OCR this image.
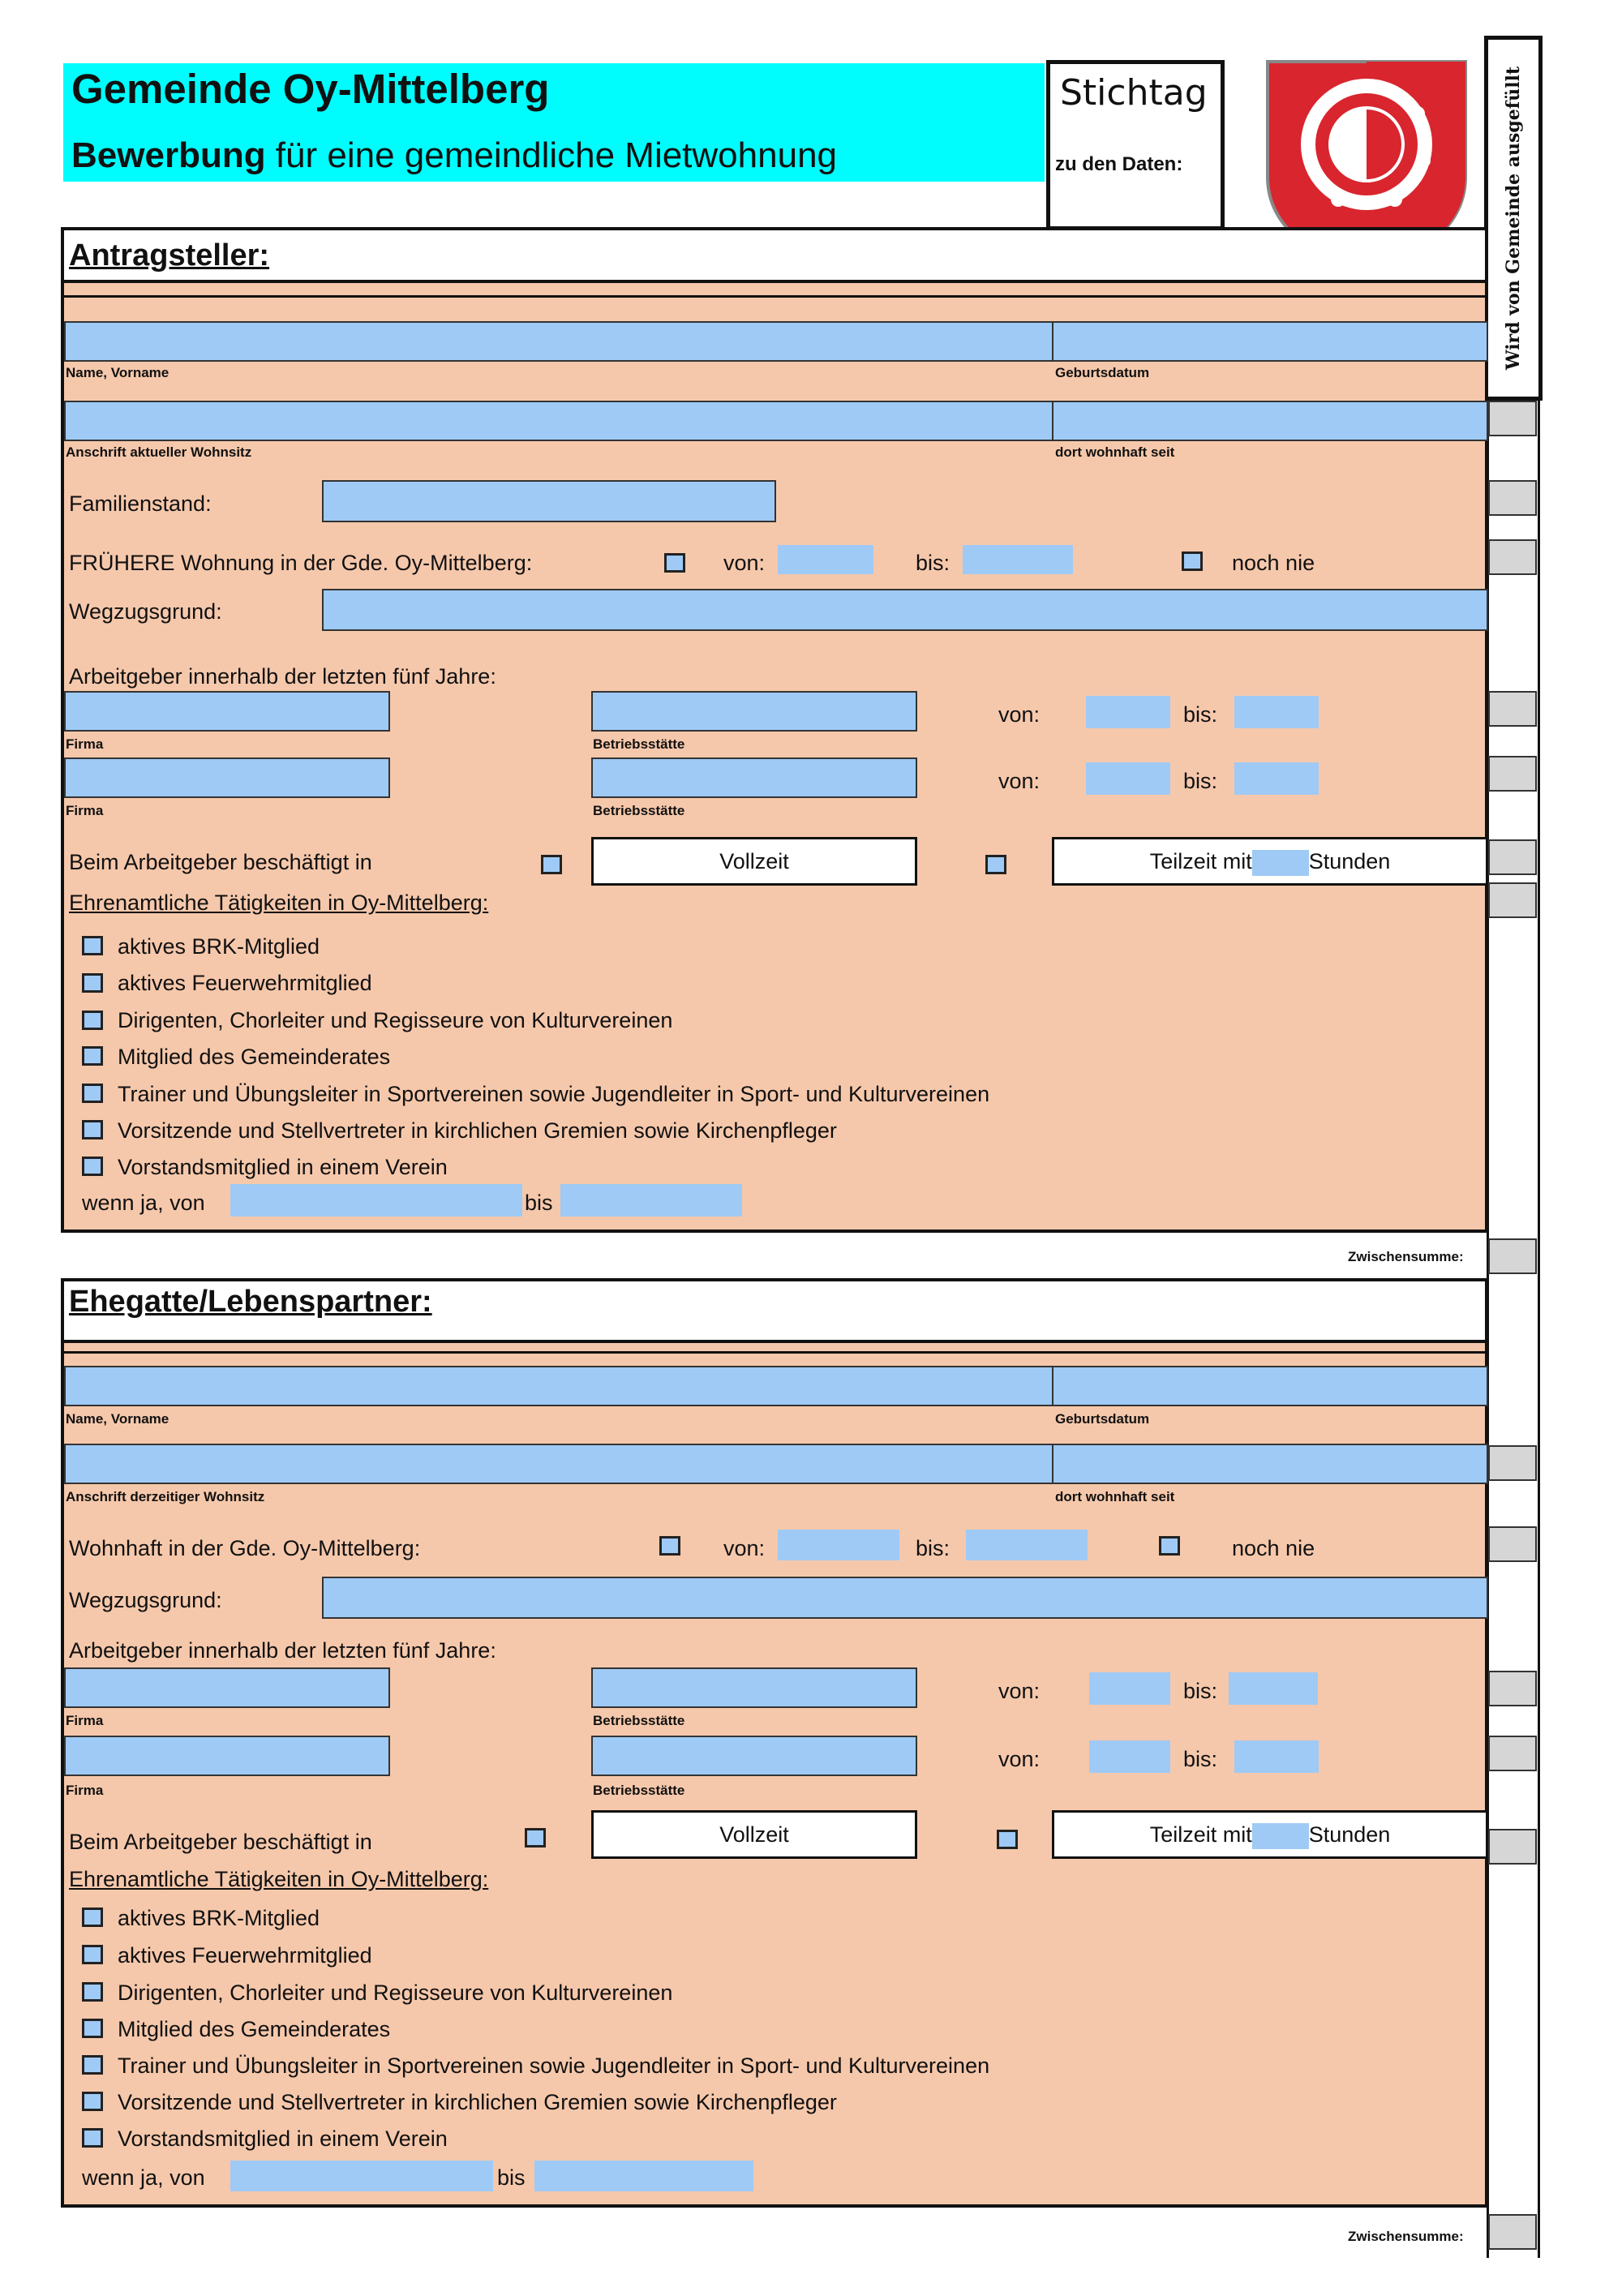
Gemeinde Oy-Mittelberg
Bewerbung für eine gemeindliche Mietwohnung
Stichtag
zu den Daten:	Wird von Gemeinde ausgefüllt
Antragsteller:
Name, Vorname	Geburtsdatum
Anschrift aktueller Wohnsitz	dort wohnhaft seit
Familienstand:
FRÜHERE Wohnung in der Gde. Oy-Mittelberg:	von:	bis:	noch nie
Wegzugsgrund:
Arbeitgeber innerhalb der letzten fünf Jahre:
von:	bis:
Firma	Betriebsstätte
von:	bis:
Firma	Betriebsstätte
Beim Arbeitgeber beschäftigt in	Vollzeit	Teilzeit mit	Stunden
Ehrenamtliche Tätigkeiten in Oy-Mittelberg:
aktives BRK-Mitglied
aktives Feuerwehrmitglied
Dirigenten, Chorleiter und Regisseure von Kulturvereinen
Mitglied des Gemeinderates
Trainer und Übungsleiter in Sportvereinen sowie Jugendleiter in Sport- und Kulturvereinen
Vorsitzende und Stellvertreter in kirchlichen Gremien sowie Kirchenpfleger
Vorstandsmitglied in einem Verein
wenn ja, von	bis
Zwischensumme:
Ehegatte/Lebenspartner:
Name, Vorname	Geburtsdatum
Anschrift derzeitiger Wohnsitz	dort wohnhaft seit
Wohnhaft in der Gde. Oy-Mittelberg:	von:	bis:	noch nie
Wegzugsgrund:
Arbeitgeber innerhalb der letzten fünf Jahre:
von:	bis:
Firma	Betriebsstätte
von:	bis:
Firma	Betriebsstätte
Beim Arbeitgeber beschäftigt in	Vollzeit	Teilzeit mit	Stunden
Ehrenamtliche Tätigkeiten in Oy-Mittelberg:
aktives BRK-Mitglied
aktives Feuerwehrmitglied
Dirigenten, Chorleiter und Regisseure von Kulturvereinen
Mitglied des Gemeinderates
Trainer und Übungsleiter in Sportvereinen sowie Jugendleiter in Sport- und Kulturvereinen
Vorsitzende und Stellvertreter in kirchlichen Gremien sowie Kirchenpfleger
Vorstandsmitglied in einem Verein
wenn ja, von	bis
Zwischensumme:
